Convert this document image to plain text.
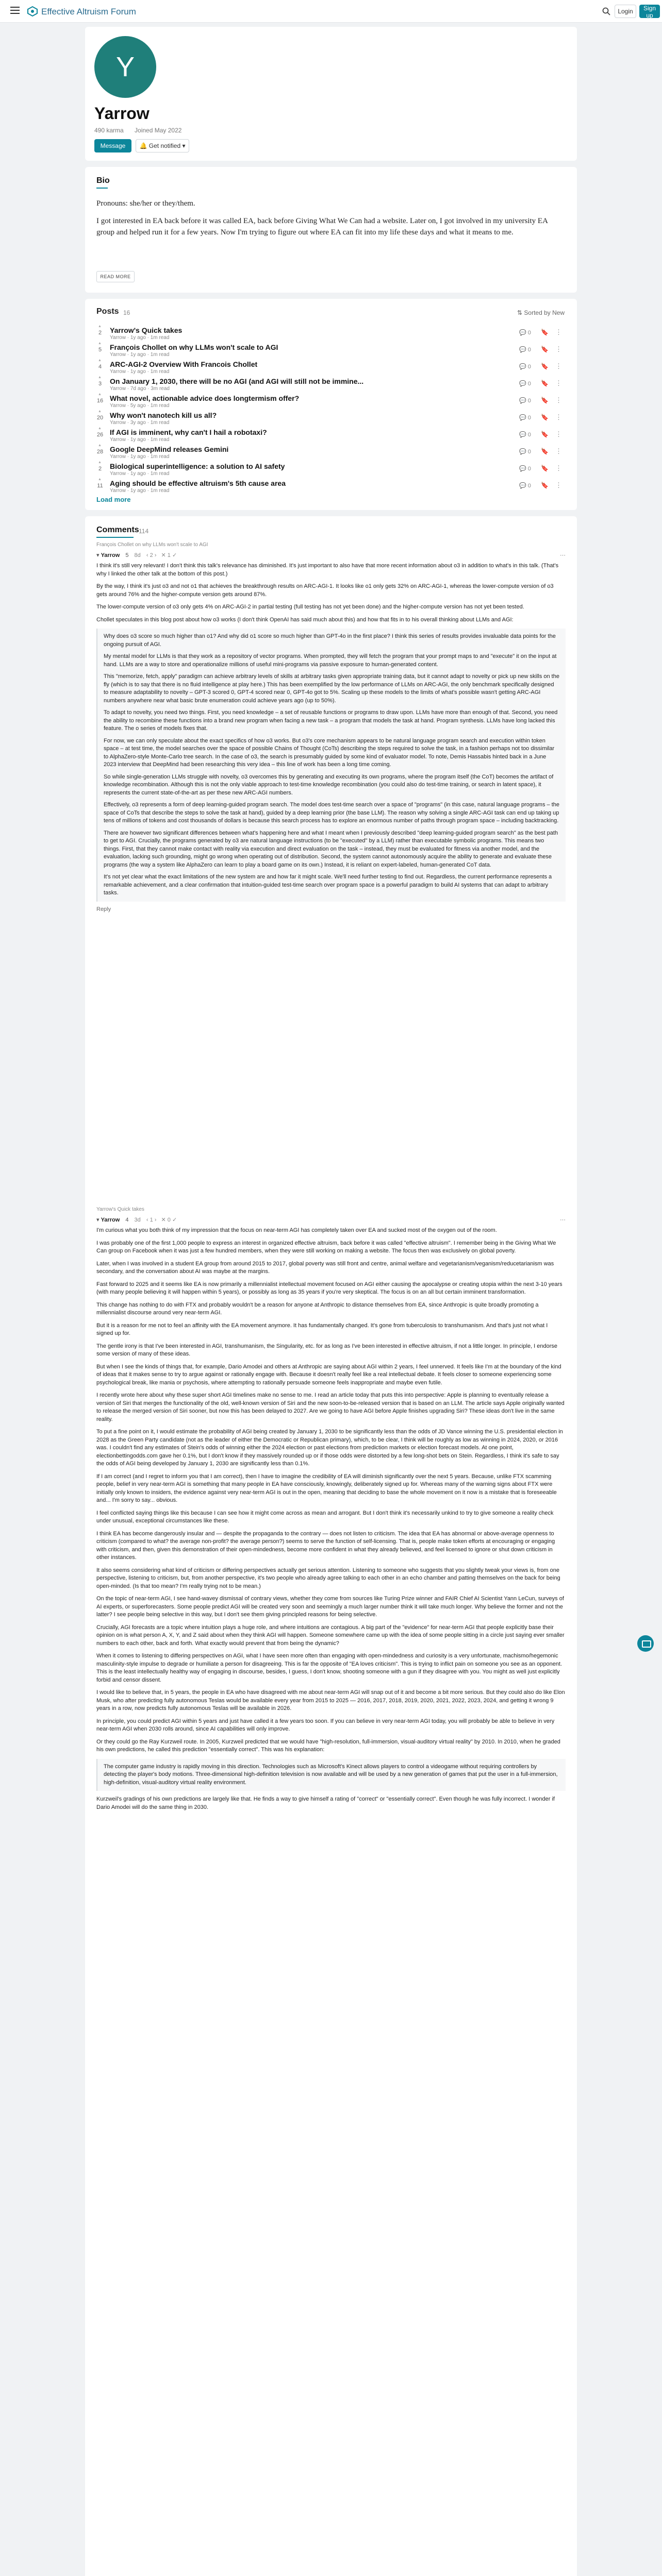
Effective Altruism Forum	Login	Sign up
Y
Yarrow
490 karma Joined May 2022
Message	🔔 Get notified ▾
Bio
Pronouns: she/her or they/them.
I got interested in EA back before it was called EA, back before Giving What We Can had a website. Later on, I got involved in my university EA group and helped run it for a few years. Now I'm trying to figure out where EA can fit into my life these days and what it means to me.
READ MORE
Posts 16	⇅ Sorted by New
▲ 2 Yarrow's Quick takes
Yarrow · 1y ago · 1m read
💬 0 🔖 ⋮
▲ 5 François Chollet on why LLMs won't scale to AGI
Yarrow · 1y ago · 1m read
💬 0 🔖 ⋮
▲ 4 ARC-AGI-2 Overview With Francois Chollet
Yarrow · 1y ago · 1m read
💬 0 🔖 ⋮
▲ 3 On January 1, 2030, there will be no AGI (and AGI will still not be immine...
Yarrow · 7d ago · 3m read
💬 0 🔖 ⋮
▲ 16 What novel, actionable advice does longtermism offer?
Yarrow · 5y ago · 1m read
💬 0 🔖 ⋮
▲ 20 Why won't nanotech kill us all?
Yarrow · 3y ago · 1m read
💬 0 🔖 ⋮
▲ 26 If AGI is imminent, why can't I hail a robotaxi?
Yarrow · 1y ago · 1m read
💬 0 🔖 ⋮
▲ 28 Google DeepMind releases Gemini
Yarrow · 1y ago · 1m read
💬 0 🔖 ⋮
▲ 2 Biological superintelligence: a solution to AI safety
Yarrow · 1y ago · 1m read
💬 0 🔖 ⋮
▲ 11 Aging should be effective altruism's 5th cause area
Yarrow · 1y ago · 1m read
💬 0 🔖 ⋮
Load more
Comments 114
François Chollet on why LLMs won't scale to AGI
▾ Yarrow 5 8d ‹ 2 › ✕ 1 ✓	⋯

I think it's still very relevant! I don't think this talk's relevance has diminished. It's just important to also have that more recent information about o3 in addition to what's in this talk. (That's why I linked the other talk at the bottom of this post.)

By the way, I think it's just o3 and not o1 that achieves the breakthrough results on ARC-AGI-1. It looks like o1 only gets 32% on ARC-AGI-1, whereas the lower-compute version of o3 gets around 76% and the higher-compute version gets around 87%.

The lower-compute version of o3 only gets 4% on ARC-AGI-2 in partial testing (full testing has not yet been done) and the higher-compute version has not yet been tested.

Chollet speculates in this blog post about how o3 works (I don't think OpenAI has said much about this) and how that fits in to his overall thinking about LLMs and AGI:

Why does o3 score so much higher than o1? And why did o1 score so much higher than GPT-4o in the first place? I think this series of results provides invaluable data points for the ongoing pursuit of AGI.

My mental model for LLMs is that they work as a repository of vector programs. When prompted, they will fetch the program that your prompt maps to and "execute" it on the input at hand. LLMs are a way to store and operationalize millions of useful mini-programs via passive exposure to human-generated content.

This "memorize, fetch, apply" paradigm can achieve arbitrary levels of skills at arbitrary tasks given appropriate training data, but it cannot adapt to novelty or pick up new skills on the fly (which is to say that there is no fluid intelligence at play here.) This has been exemplified by the low performance of LLMs on ARC-AGI, the only benchmark specifically designed to measure adaptability to novelty – GPT-3 scored 0, GPT-4 scored near 0, GPT-4o got to 5%. Scaling up these models to the limits of what's possible wasn't getting ARC-AGI numbers anywhere near what basic brute enumeration could achieve years ago (up to 50%).

To adapt to novelty, you need two things. First, you need knowledge – a set of reusable functions or programs to draw upon. LLMs have more than enough of that. Second, you need the ability to recombine these functions into a brand new program when facing a new task – a program that models the task at hand. Program synthesis. LLMs have long lacked this feature. The o series of models fixes that.

For now, we can only speculate about the exact specifics of how o3 works. But o3's core mechanism appears to be natural language program search and execution within token space – at test time, the model searches over the space of possible Chains of Thought (CoTs) describing the steps required to solve the task, in a fashion perhaps not too dissimilar to AlphaZero-style Monte-Carlo tree search. In the case of o3, the search is presumably guided by some kind of evaluator model. To note, Demis Hassabis hinted back in a June 2023 interview that DeepMind had been researching this very idea – this line of work has been a long time coming.

So while single-generation LLMs struggle with novelty, o3 overcomes this by generating and executing its own programs, where the program itself (the CoT) becomes the artifact of knowledge recombination. Although this is not the only viable approach to test-time knowledge recombination (you could also do test-time training, or search in latent space), it represents the current state-of-the-art as per these new ARC-AGI numbers.

Effectively, o3 represents a form of deep learning-guided program search. The model does test-time search over a space of "programs" (in this case, natural language programs – the space of CoTs that describe the steps to solve the task at hand), guided by a deep learning prior (the base LLM). The reason why solving a single ARC-AGI task can end up taking up tens of millions of tokens and cost thousands of dollars is because this search process has to explore an enormous number of paths through program space – including backtracking.

There are however two significant differences between what's happening here and what I meant when I previously described "deep learning-guided program search" as the best path to get to AGI. Crucially, the programs generated by o3 are natural language instructions (to be "executed" by a LLM) rather than executable symbolic programs. This means two things. First, that they cannot make contact with reality via execution and direct evaluation on the task – instead, they must be evaluated for fitness via another model, and the evaluation, lacking such grounding, might go wrong when operating out of distribution. Second, the system cannot autonomously acquire the ability to generate and evaluate these programs (the way a system like AlphaZero can learn to play a board game on its own.) Instead, it is reliant on expert-labeled, human-generated CoT data.

It's not yet clear what the exact limitations of the new system are and how far it might scale. We'll need further testing to find out. Regardless, the current performance represents a remarkable achievement, and a clear confirmation that intuition-guided test-time search over program space is a powerful paradigm to build AI systems that can adapt to arbitrary tasks.

Reply
Yarrow's Quick takes
▾ Yarrow 4 3d ‹ 1 › ✕ 0 ✓	⋯

I'm curious what you both think of my impression that the focus on near-term AGI has completely taken over EA and sucked most of the oxygen out of the room.

I was probably one of the first 1,000 people to express an interest in organized effective altruism, back before it was called "effective altruism". I remember being in the Giving What We Can group on Facebook when it was just a few hundred members, when they were still working on making a website. The focus then was exclusively on global poverty.

Later, when I was involved in a student EA group from around 2015 to 2017, global poverty was still front and centre, animal welfare and vegetarianism/veganism/reducetarianism was secondary, and the conversation about AI was maybe at the margins.

Fast forward to 2025 and it seems like EA is now primarily a millennialist intellectual movement focused on AGI either causing the apocalypse or creating utopia within the next 3-10 years (with many people believing it will happen within 5 years), or possibly as long as 35 years if you're very skeptical. The focus is on an all but certain imminent transformation.

This change has nothing to do with FTX and probably wouldn't be a reason for anyone at Anthropic to distance themselves from EA, since Anthropic is quite broadly promoting a millennialist discourse around very near-term AGI.

But it is a reason for me not to feel an affinity with the EA movement anymore. It has fundamentally changed. It's gone from tuberculosis to transhumanism. And that's just not what I signed up for.

The gentle irony is that I've been interested in AGI, transhumanism, the Singularity, etc. for as long as I've been interested in effective altruism, if not a little longer. In principle, I endorse some version of many of these ideas.

But when I see the kinds of things that, for example, Dario Amodei and others at Anthropic are saying about AGI within 2 years, I feel unnerved. It feels like I'm at the boundary of the kind of ideas that it makes sense to try to argue against or rationally engage with. Because it doesn't really feel like a real intellectual debate. It feels closer to someone experiencing some psychological break, like mania or psychosis, where attempting to rationally persuade someone feels inappropriate and maybe even futile.

I recently wrote here about why these super short AGI timelines make no sense to me. I read an article today that puts this into perspective: Apple is planning to eventually release a version of Siri that merges the functionality of the old, well-known version of Siri and the new soon-to-be-released version that is based on an LLM. The article says Apple originally wanted to release the merged version of Siri sooner, but now this has been delayed to 2027. Are we going to have AGI before Apple finishes upgrading Siri? These ideas don't live in the same reality.

To put a fine point on it, I would estimate the probability of AGI being created by January 1, 2030 to be significantly less than the odds of JD Vance winning the U.S. presidential election in 2028 as the Green Party candidate (not as the leader of either the Democratic or Republican primary), which, to be clear, I think will be roughly as low as winning in 2024, 2020, or 2016 was. I couldn't find any estimates of Stein's odds of winning either the 2024 election or past elections from prediction markets or election forecast models. At one point, electionbettingodds.com gave her 0.1%, but I don't know if they massively rounded up or if those odds were distorted by a few long-shot bets on Stein. Regardless, I think it's safe to say the odds of AGI being developed by January 1, 2030 are significantly less than 0.1%.

If I am correct (and I regret to inform you that I am correct), then I have to imagine the credibility of EA will diminish significantly over the next 5 years. Because, unlike FTX scamming people, belief in very near-term AGI is something that many people in EA have consciously, knowingly, deliberately signed up for. Whereas many of the warning signs about FTX were initially only known to insiders, the evidence against very near-term AGI is out in the open, meaning that deciding to base the whole movement on it now is a mistake that is foreseeable and... I'm sorry to say... obvious.

I feel conflicted saying things like this because I can see how it might come across as mean and arrogant. But I don't think it's necessarily unkind to try to give someone a reality check under unusual, exceptional circumstances like these.

I think EA has become dangerously insular and — despite the propaganda to the contrary — does not listen to criticism. The idea that EA has abnormal or above-average openness to criticism (compared to what? the average non-profit? the average person?) seems to serve the function of self-licensing. That is, people make token efforts at encouraging or engaging with criticism, and then, given this demonstration of their open-mindedness, become more confident in what they already believed, and feel licensed to ignore or shut down criticism in other instances.

It also seems considering what kind of criticism or differing perspectives actually get serious attention. Listening to someone who suggests that you slightly tweak your views is, from one perspective, listening to criticism, but, from another perspective, it's two people who already agree talking to each other in an echo chamber and patting themselves on the back for being open-minded. (Is that too mean? I'm really trying not to be mean.)

On the topic of near-term AGI, I see hand-wavey dismissal of contrary views, whether they come from sources like Turing Prize winner and FAIR Chief AI Scientist Yann LeCun, surveys of AI experts, or superforecasters. Some people predict AGI will be created very soon and seemingly a much larger number think it will take much longer. Why believe the former and not the latter? I see people being selective in this way, but I don't see them giving principled reasons for being selective.

Crucially, AGI forecasts are a topic where intuition plays a huge role, and where intuitions are contagious. A big part of the "evidence" for near-term AGI that people explicitly base their opinion on is what person A, X, Y, and Z said about when they think AGI will happen. Someone somewhere came up with the idea of some people sitting in a circle just saying ever smaller numbers to each other, back and forth. What exactly would prevent that from being the dynamic?

When it comes to listening to differing perspectives on AGI, what I have seen more often than engaging with open-mindedness and curiosity is a very unfortunate, machismo/hegemonic masculinity-style impulse to degrade or humiliate a person for disagreeing. This is far the opposite of "EA loves criticism". This is trying to inflict pain on someone you see as an opponent. This is the least intellectually healthy way of engaging in discourse, besides, I guess, I don't know, shooting someone with a gun if they disagree with you. You might as well just explicitly forbid and censor dissent.

I would like to believe that, in 5 years, the people in EA who have disagreed with me about near-term AGI will snap out of it and become a bit more serious. But they could also do like Elon Musk, who after predicting fully autonomous Teslas would be available every year from 2015 to 2025 — 2016, 2017, 2018, 2019, 2020, 2021, 2022, 2023, 2024, and getting it wrong 9 years in a row, now predicts fully autonomous Teslas will be available in 2026.

In principle, you could predict AGI within 5 years and just have called it a few years too soon. If you can believe in very near-term AGI today, you will probably be able to believe in very near-term AGI when 2030 rolls around, since AI capabilities will only improve.

Or they could go the Ray Kurzweil route. In 2005, Kurzweil predicted that we would have "high-resolution, full-immersion, visual-auditory virtual reality" by 2010. In 2010, when he graded his own predictions, he called this prediction "essentially correct". This was his explanation:

The computer game industry is rapidly moving in this direction. Technologies such as Microsoft's Kinect allows players to control a videogame without requiring controllers by detecting the player's body motions. Three-dimensional high-definition television is now available and will be used by a new generation of games that put the user in a full-immersion, high-definition, visual-auditory virtual reality environment.

Kurzweil's gradings of his own predictions are largely like that. He finds a way to give himself a rating of "correct" or "essentially correct". Even though he was fully incorrect. I wonder if Dario Amodei will do the same thing in 2030.
